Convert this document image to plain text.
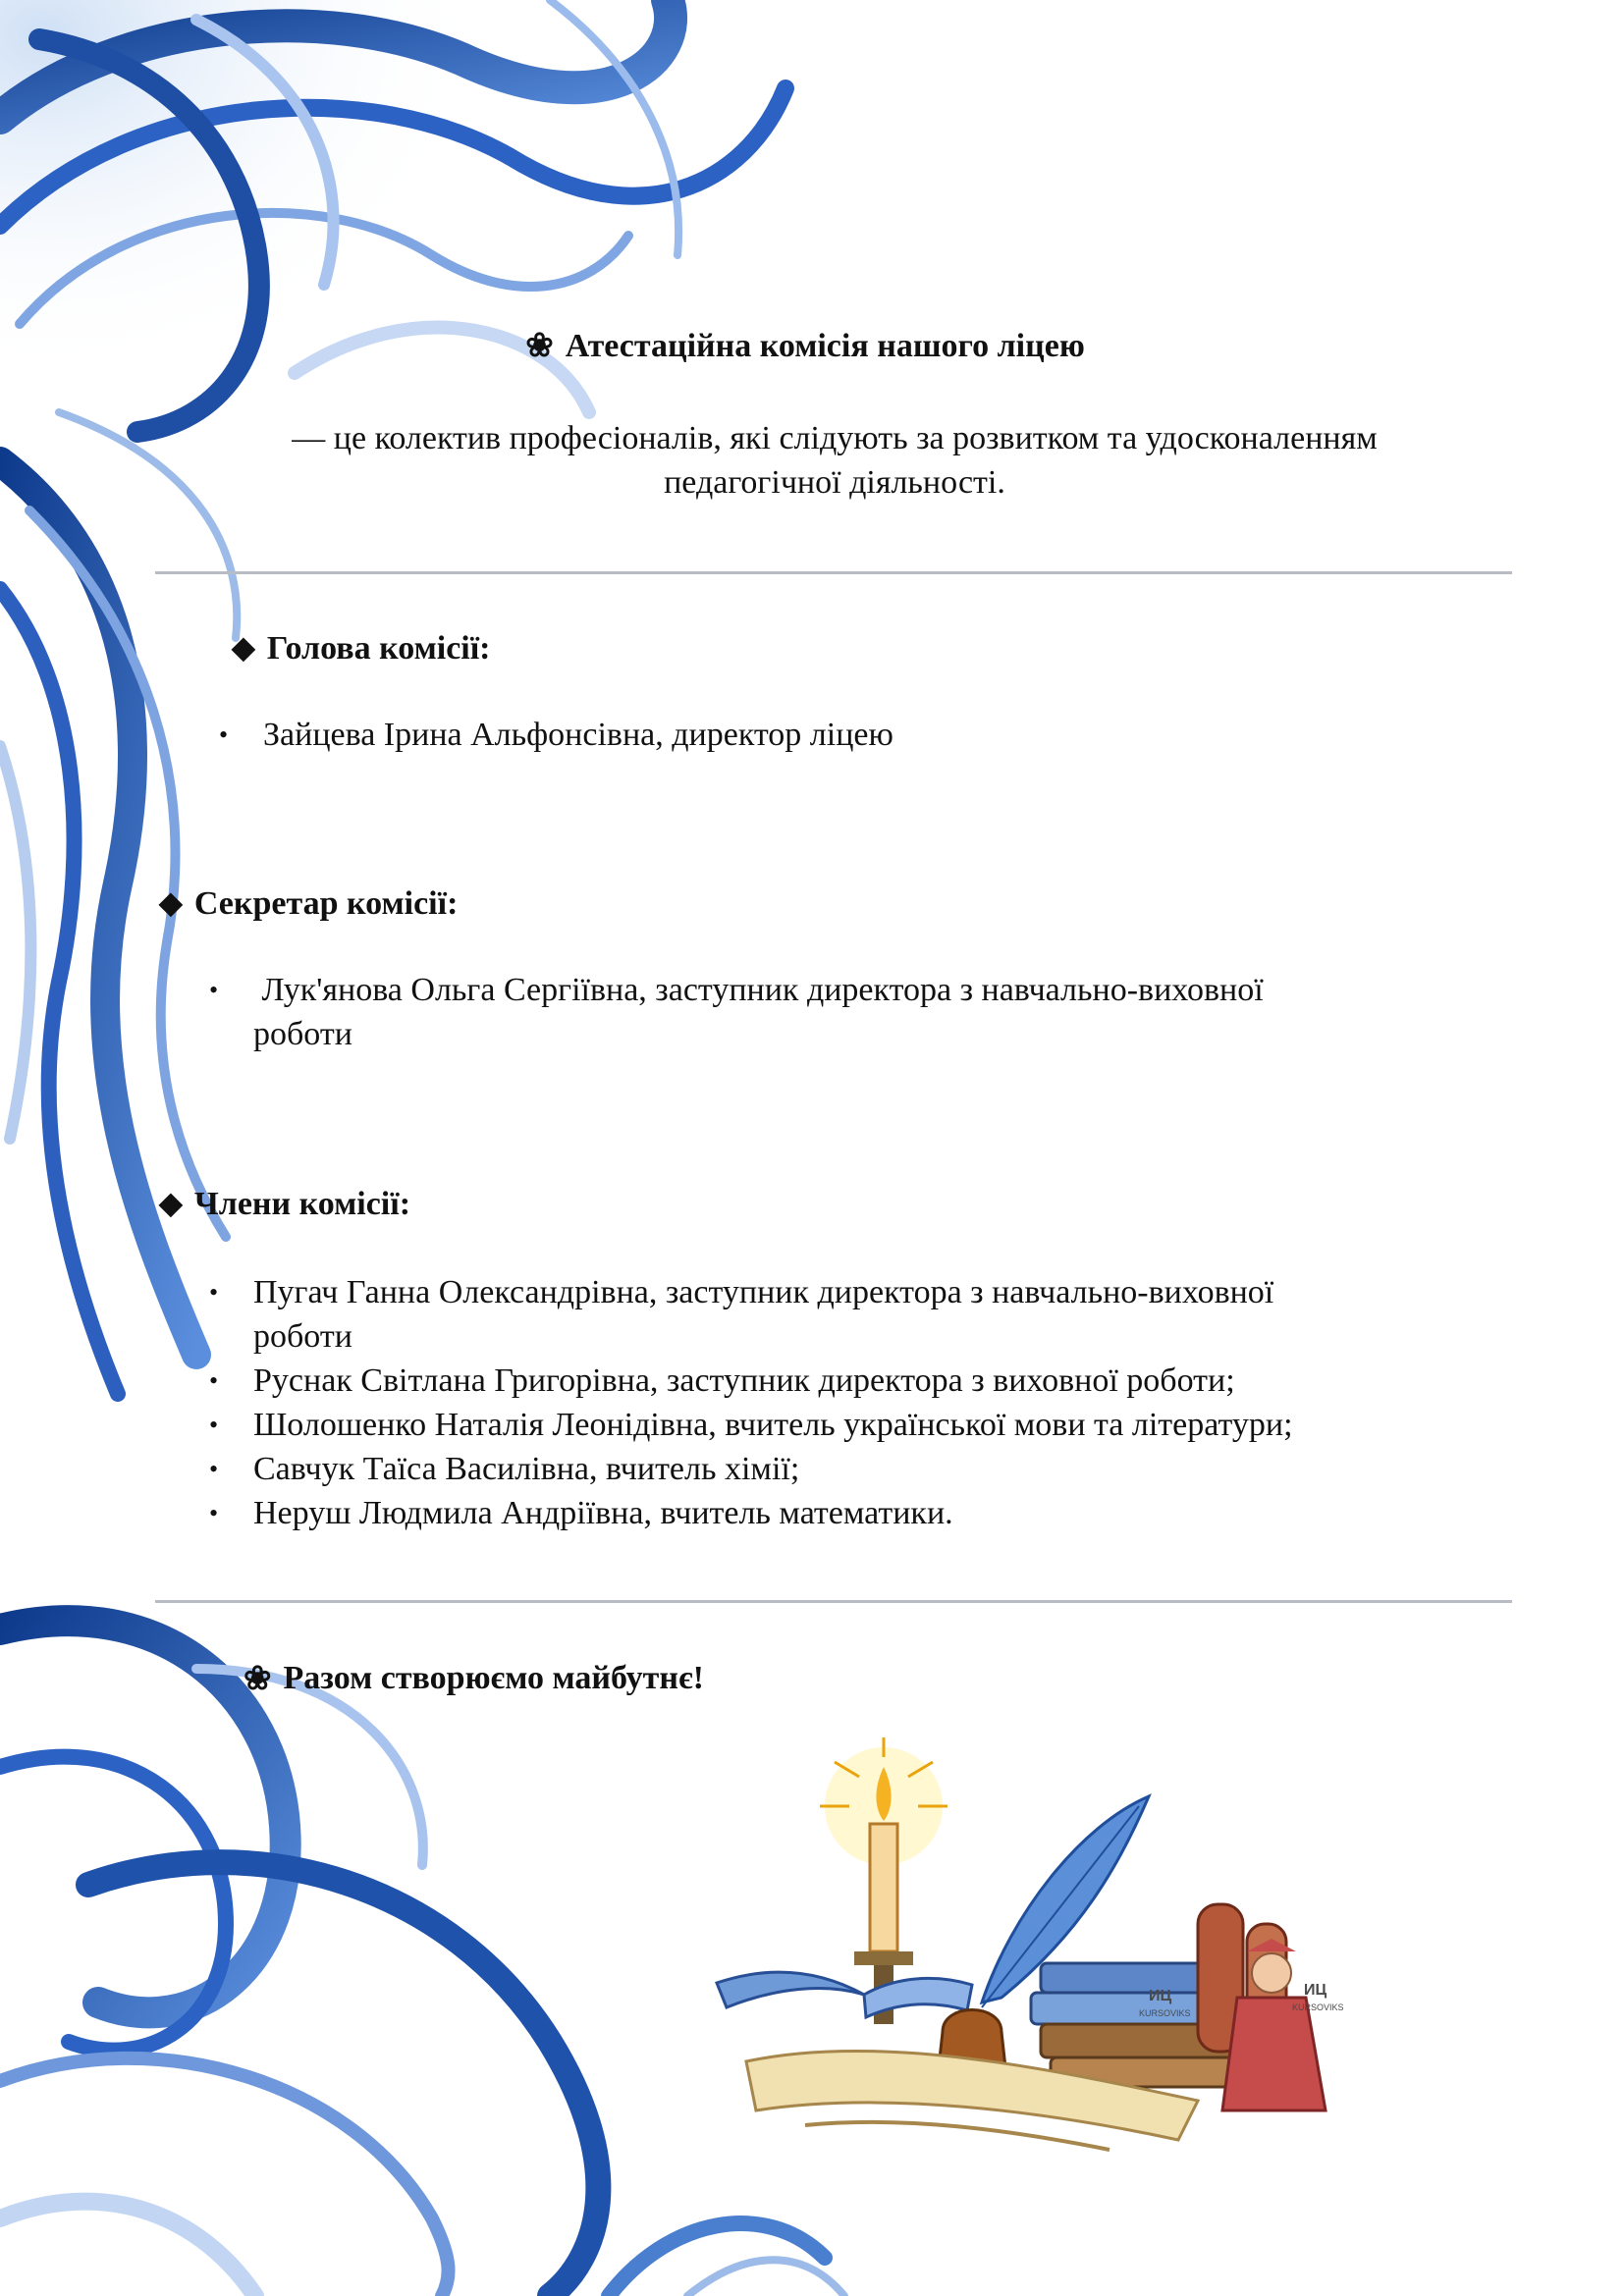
❀ Атестаційна комісія нашого ліцею
— це колектив професіоналів, які слідують за розвитком та удосконаленням
педагогічної діяльності.
⬥ Голова комісії:
• Зайцева Ірина Альфонсівна, директор ліцею
⬥ Секретар комісії:
• Лук'янова Ольга Сергіївна, заступник директора з навчально-виховної
роботи
⬥ Члени комісії:
• Пугач Ганна Олександрівна, заступник директора з навчально-виховної
роботи
• Руснак Світлана Григорівна, заступник директора з виховної роботи;
• Шолошенко Наталія Леонідівна, вчитель української мови та літератури;
• Савчук Таїса Василівна, вчитель хімії;
• Неруш Людмила Андріївна, вчитель математики.
❀ Разом створюємо майбутнє!
ИЦ
KURSOVIKS
ИЦ
KURSOVIKS
